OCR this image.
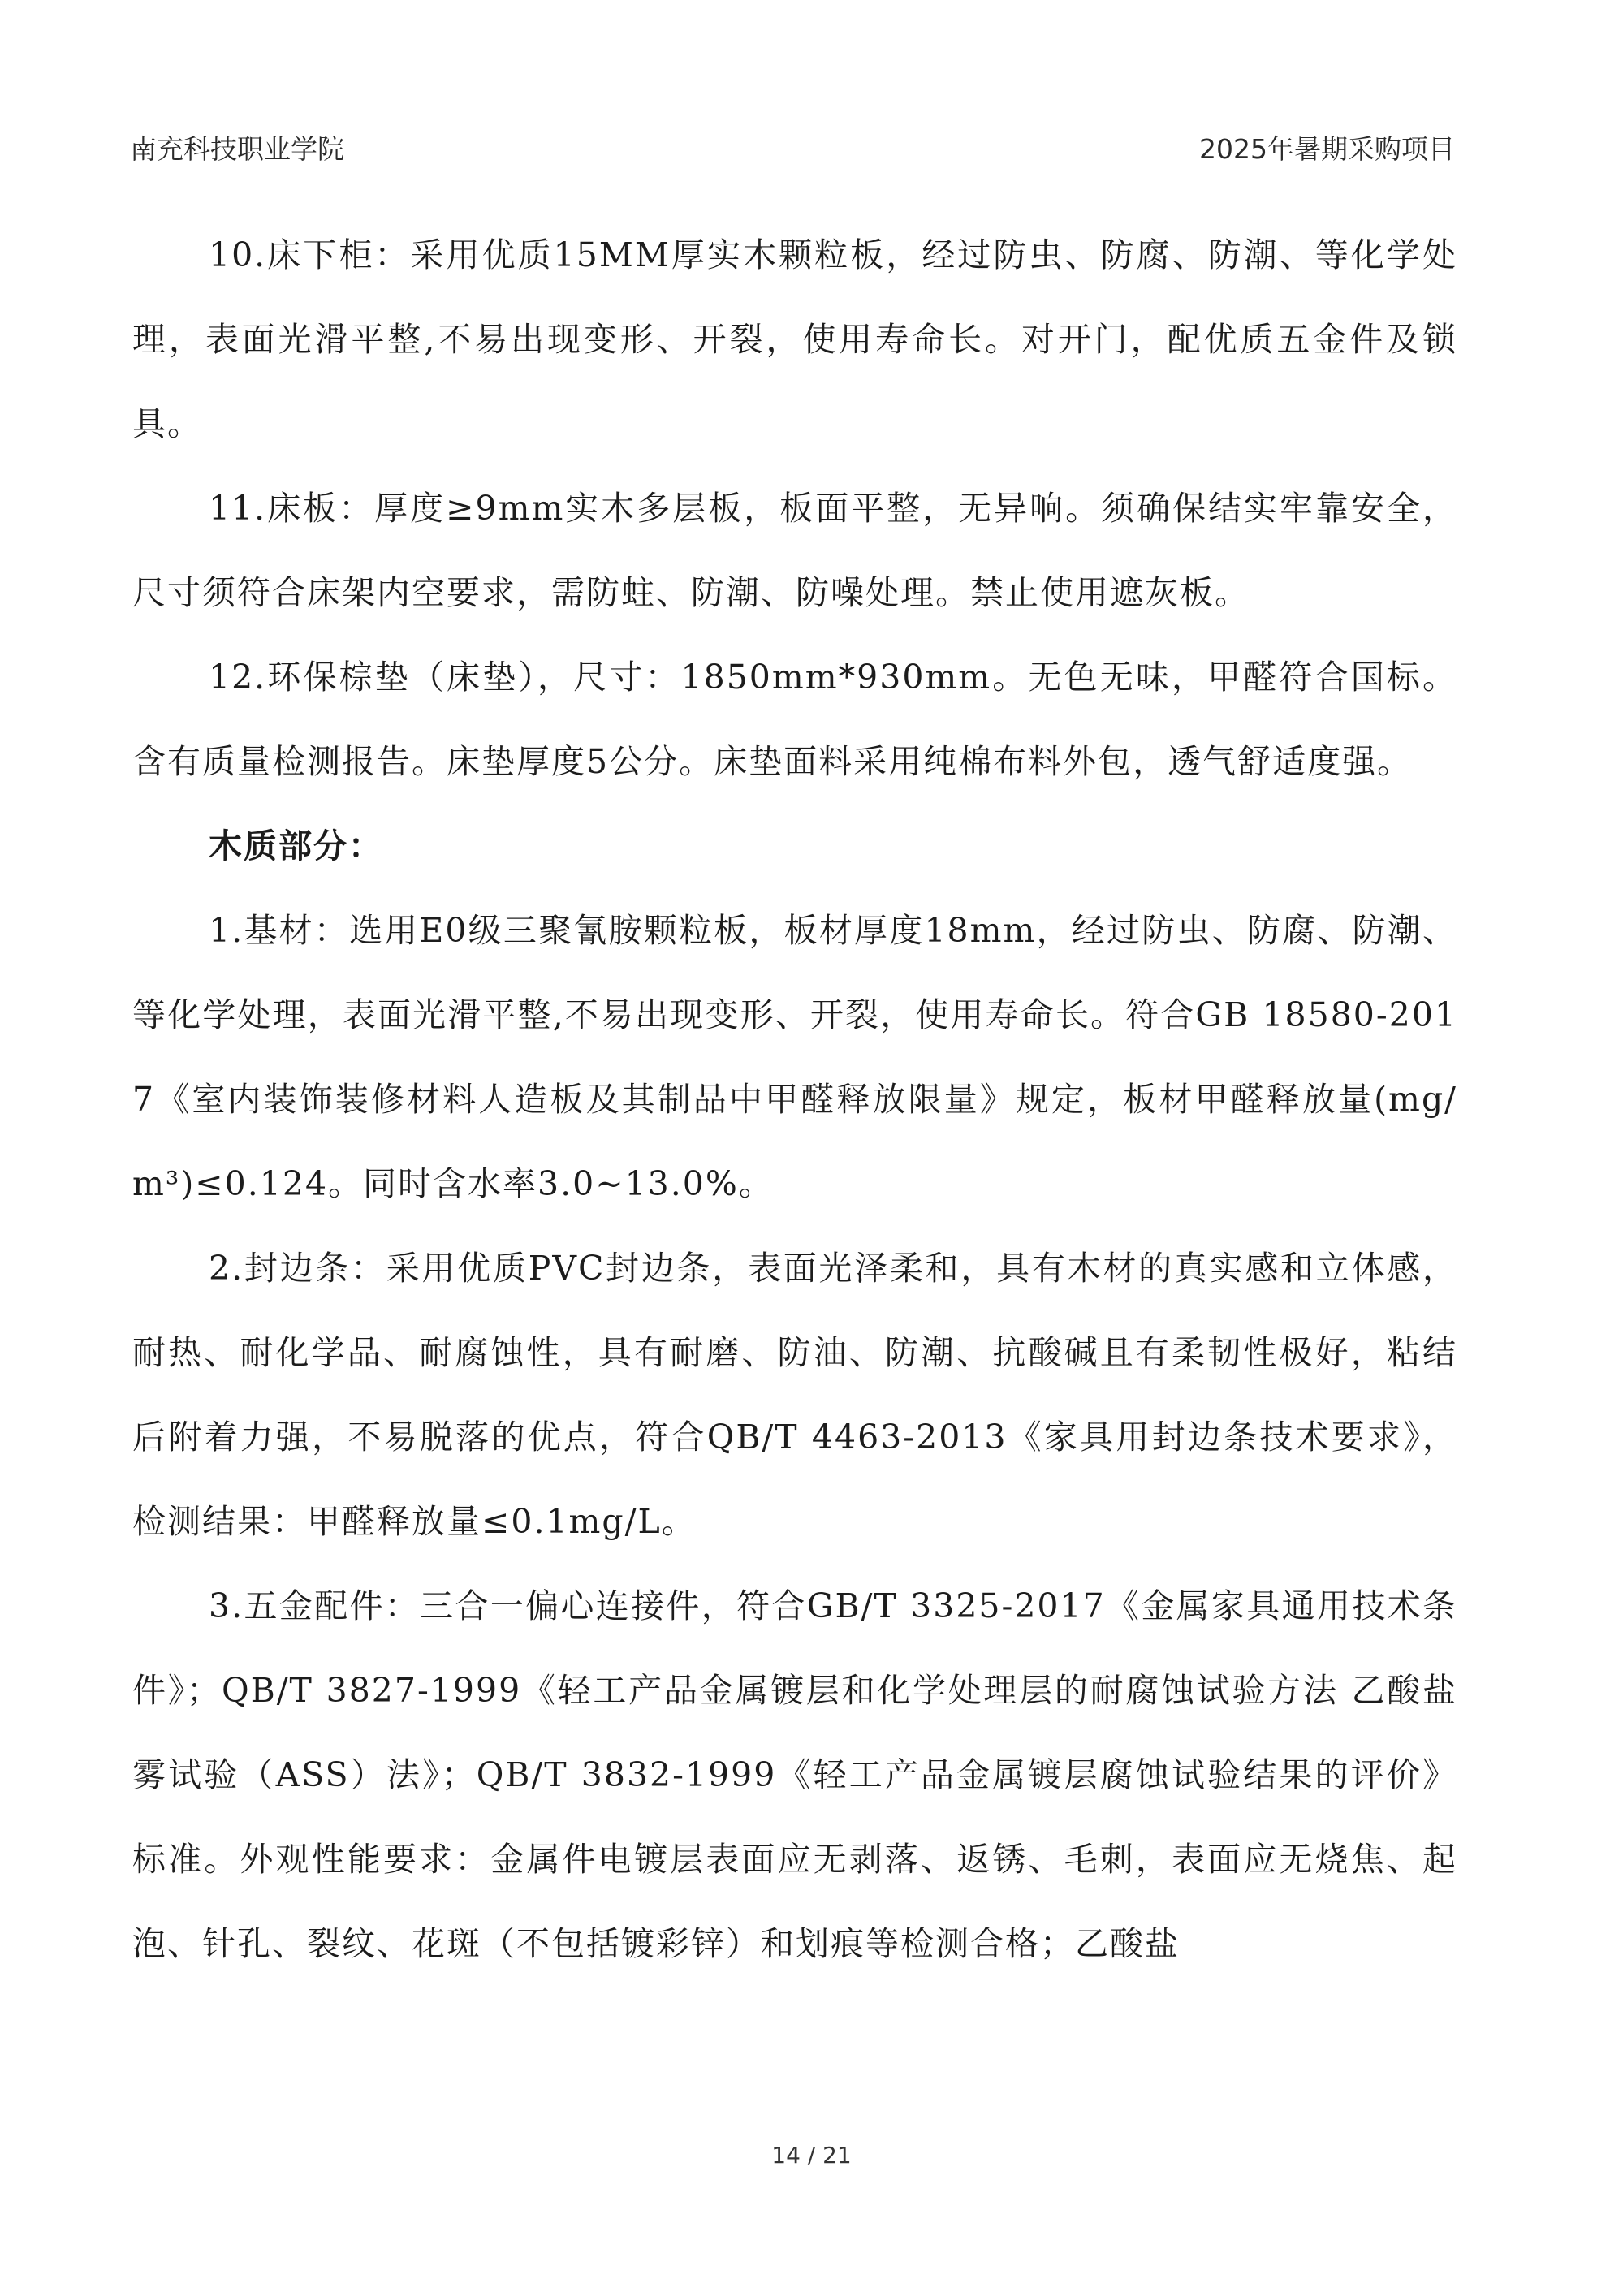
南充科技职业学院	2025年暑期采购项目

10.床下柜：采用优质15MM厚实木颗粒板，经过防虫、防腐、防潮、等化学处理，表面光滑平整,不易出现变形、开裂，使用寿命长。对开门，配优质五金件及锁具。

11.床板：厚度≥9mm实木多层板，板面平整，无异响。须确保结实牢靠安全，尺寸须符合床架内空要求，需防蛀、防潮、防噪处理。禁止使用遮灰板。

12.环保棕垫（床垫），尺寸：1850mm*930mm。无色无味，甲醛符合国标。含有质量检测报告。床垫厚度5公分。床垫面料采用纯棉布料外包，透气舒适度强。

木质部分：

1.基材：选用E0级三聚氰胺颗粒板，板材厚度18mm，经过防虫、防腐、防潮、等化学处理，表面光滑平整,不易出现变形、开裂，使用寿命长。符合GB 18580-2017《室内装饰装修材料人造板及其制品中甲醛释放限量》规定，板材甲醛释放量(mg/m³)≤0.124。同时含水率3.0~13.0%。

2.封边条：采用优质PVC封边条，表面光泽柔和，具有木材的真实感和立体感，耐热、耐化学品、耐腐蚀性，具有耐磨、防油、防潮、抗酸碱且有柔韧性极好，粘结后附着力强，不易脱落的优点，符合QB/T 4463-2013《家具用封边条技术要求》，检测结果：甲醛释放量≤0.1mg/L。

3.五金配件：三合一偏心连接件，符合GB/T 3325-2017《金属家具通用技术条件》；QB/T 3827-1999《轻工产品金属镀层和化学处理层的耐腐蚀试验方法 乙酸盐雾试验（ASS）法》；QB/T 3832-1999《轻工产品金属镀层腐蚀试验结果的评价》标准。外观性能要求：金属件电镀层表面应无剥落、返锈、毛刺，表面应无烧焦、起泡、针孔、裂纹、花斑（不包括镀彩锌）和划痕等检测合格；乙酸盐

14 / 21
